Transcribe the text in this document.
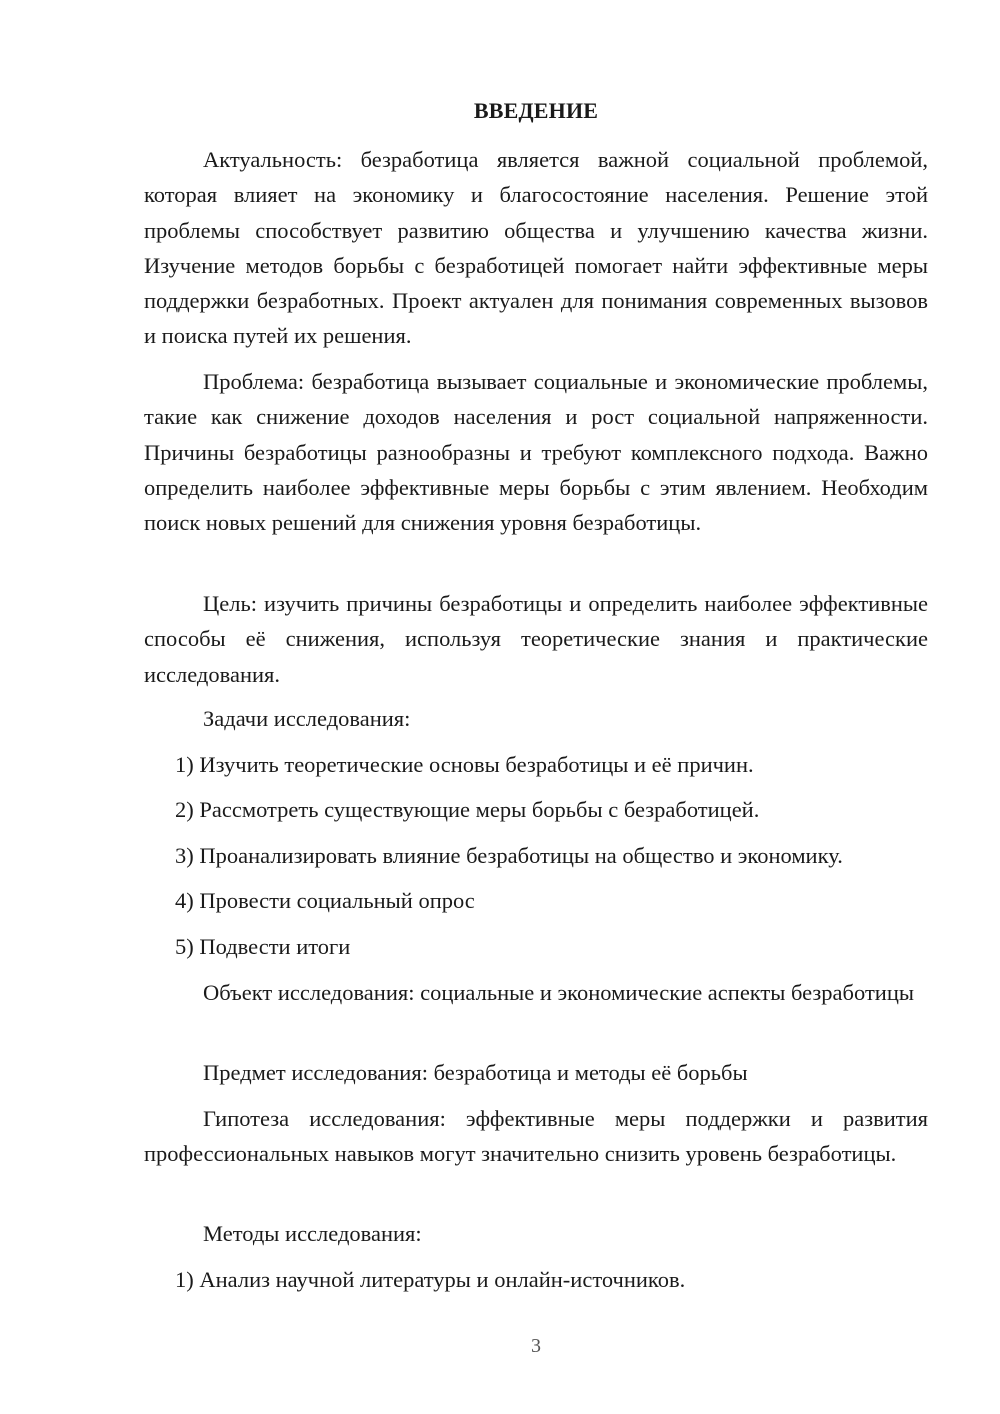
ВВЕДЕНИЕ

Актуальность: безработица является важной социальной проблемой, которая влияет на экономику и благосостояние населения. Решение этой проблемы способствует развитию общества и улучшению качества жизни. Изучение методов борьбы с безработицей помогает найти эффективные меры поддержки безработных. Проект актуален для понимания современных вызовов и поиска путей их решения.

Проблема: безработица вызывает социальные и экономические проблемы, такие как снижение доходов населения и рост социальной напряженности. Причины безработицы разнообразны и требуют комплексного подхода. Важно определить наиболее эффективные меры борьбы с этим явлением. Необходим поиск новых решений для снижения уровня безработицы.

Цель: изучить причины безработицы и определить наиболее эффективные способы её снижения, используя теоретические знания и практические исследования.

Задачи исследования:
1) Изучить теоретические основы безработицы и её причин.
2) Рассмотреть существующие меры борьбы с безработицей.
3) Проанализировать влияние безработицы на общество и экономику.
4) Провести социальный опрос
5) Подвести итоги

Объект исследования: социальные и экономические аспекты безработицы

Предмет исследования: безработица и методы её борьбы

Гипотеза исследования: эффективные меры поддержки и развития профессиональных навыков могут значительно снизить уровень безработицы.

Методы исследования:
1) Анализ научной литературы и онлайн-источников.
3
